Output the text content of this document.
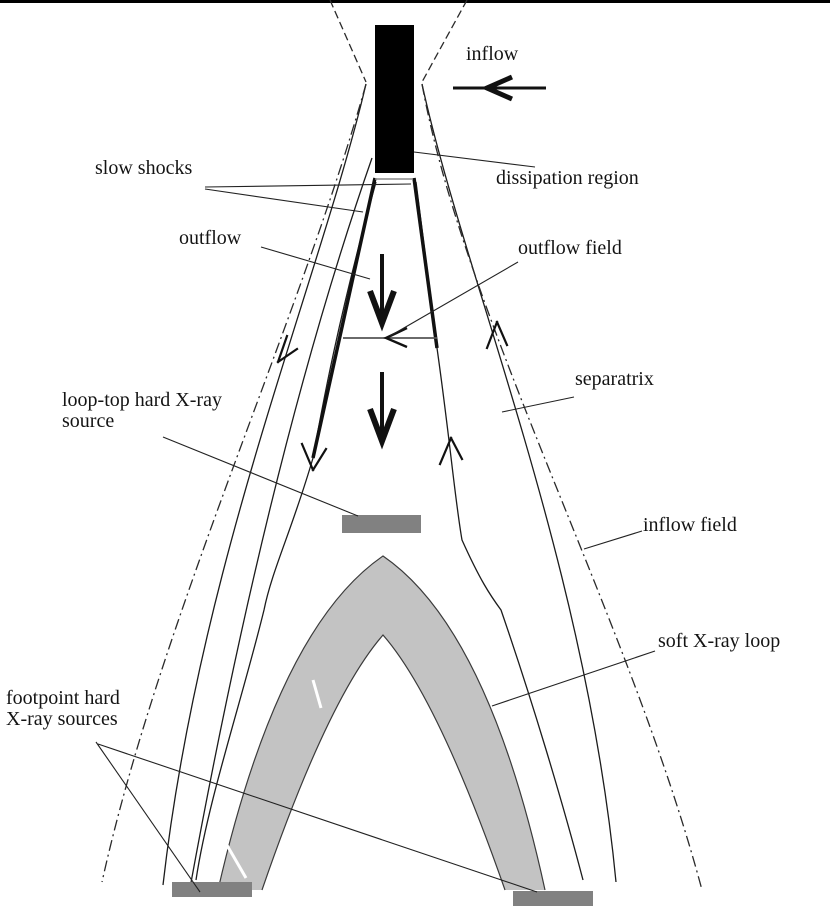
inflow
slow shocks	dissipation region
outflow	outflow field
separatrix
loop-top hard X-ray
source
inflow field
soft X-ray loop
footpoint hard
X-ray sources
